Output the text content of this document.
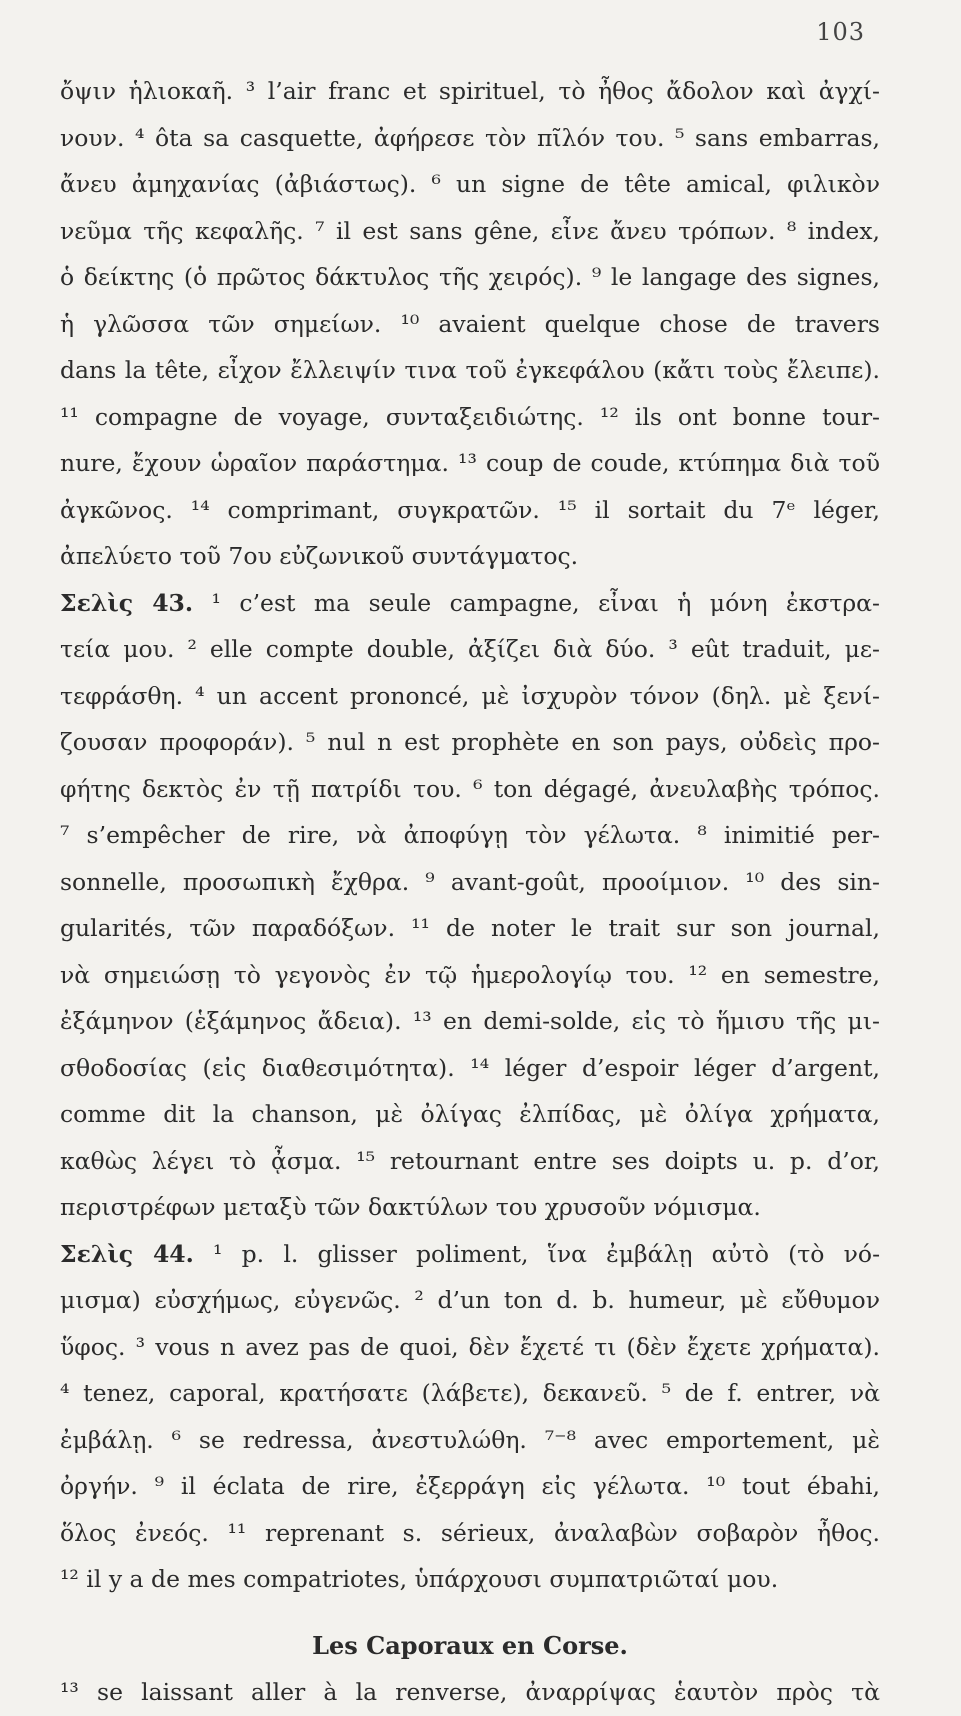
103
ὄψιν ἡλιοκαῆ. ³ l’air franc et spirituel, τὸ ἦθος ἄδολον καὶ ἀγχί-
νουν. ⁴ ôta sa casquette, ἀφήρεσε τὸν πῖλόν του. ⁵ sans embarras,
ἄνευ ἀμηχανίας (ἀβιάστως). ⁶ un signe de tête amical, φιλικὸν
νεῦμα τῆς κεφαλῆς. ⁷ il est sans gêne, εἶνε ἄνευ τρόπων. ⁸ index,
ὁ δείκτης (ὁ πρῶτος δάκτυλος τῆς χειρός). ⁹ le langage des signes,
ἡ γλῶσσα τῶν σημείων. ¹⁰ avaient quelque chose de travers
dans la tête, εἶχον ἔλλειψίν τινα τοῦ ἐγκεφάλου (κἄτι τοὺς ἔλειπε).
¹¹ compagne de voyage, συνταξειδιώτης. ¹² ils ont bonne tour-
nure, ἔχουν ὡραῖον παράστημα. ¹³ coup de coude, κτύπημα διὰ τοῦ
ἀγκῶνος. ¹⁴ comprimant, συγκρατῶν. ¹⁵ il sortait du 7ᵉ léger,
ἀπελύετο τοῦ 7ου εὐζωνικοῦ συντάγματος.
Σελὶς 43. ¹ c’est ma seule campagne, εἶναι ἡ μόνη ἐκστρα-
τεία μου. ² elle compte double, ἀξίζει διὰ δύο. ³ eût traduit, με-
τεφράσθη. ⁴ un accent prononcé, μὲ ἰσχυρὸν τόνον (δηλ. μὲ ξενί-
ζουσαν προφοράν). ⁵ nul n est prophète en son pays, οὐδεὶς προ-
φήτης δεκτὸς ἐν τῇ πατρίδι του. ⁶ ton dégagé, ἀνευλαβὴς τρόπος.
⁷ s’empêcher de rire, νὰ ἀποφύγῃ τὸν γέλωτα. ⁸ inimitié per-
sonnelle, προσωπικὴ ἔχθρα. ⁹ avant-goût, προοίμιον. ¹⁰ des sin-
gularités, τῶν παραδόξων. ¹¹ de noter le trait sur son journal,
νὰ σημειώσῃ τὸ γεγονὸς ἐν τῷ ἡμερολογίῳ του. ¹² en semestre,
ἐξάμηνον (ἑξάμηνος ἄδεια). ¹³ en demi-solde, εἰς τὸ ἥμισυ τῆς μι-
σθοδοσίας (εἰς διαθεσιμότητα). ¹⁴ léger d’espoir léger d’argent,
comme dit la chanson, μὲ ὀλίγας ἐλπίδας, μὲ ὀλίγα χρήματα,
καθὼς λέγει τὸ ᾆσμα. ¹⁵ retournant entre ses doipts u. p. d’or,
περιστρέφων μεταξὺ τῶν δακτύλων του χρυσοῦν νόμισμα.
Σελὶς 44. ¹ p. l. glisser poliment, ἵνα ἐμβάλῃ αὐτὸ (τὸ νό-
μισμα) εὐσχήμως, εὐγενῶς. ² d’un ton d. b. humeur, μὲ εὔθυμον
ὕφος. ³ vous n avez pas de quoi, δὲν ἔχετέ τι (δὲν ἔχετε χρήματα).
⁴ tenez, caporal, κρατήσατε (λάβετε), δεκανεῦ. ⁵ de f. entrer, νὰ
ἐμβάλῃ. ⁶ se redressa, ἀνεστυλώθη. ⁷⁻⁸ avec emportement, μὲ
ὀργήν. ⁹ il éclata de rire, ἐξερράγη εἰς γέλωτα. ¹⁰ tout ébahi,
ὅλος ἐνεός. ¹¹ reprenant s. sérieux, ἀναλαβὼν σοβαρὸν ἦθος.
¹² il y a de mes compatriotes, ὑπάρχουσι συμπατριῶταί μου.
Les Caporaux en Corse.
¹³ se laissant aller à la renverse, ἀναρρίψας ἑαυτὸν πρὸς τὰ
